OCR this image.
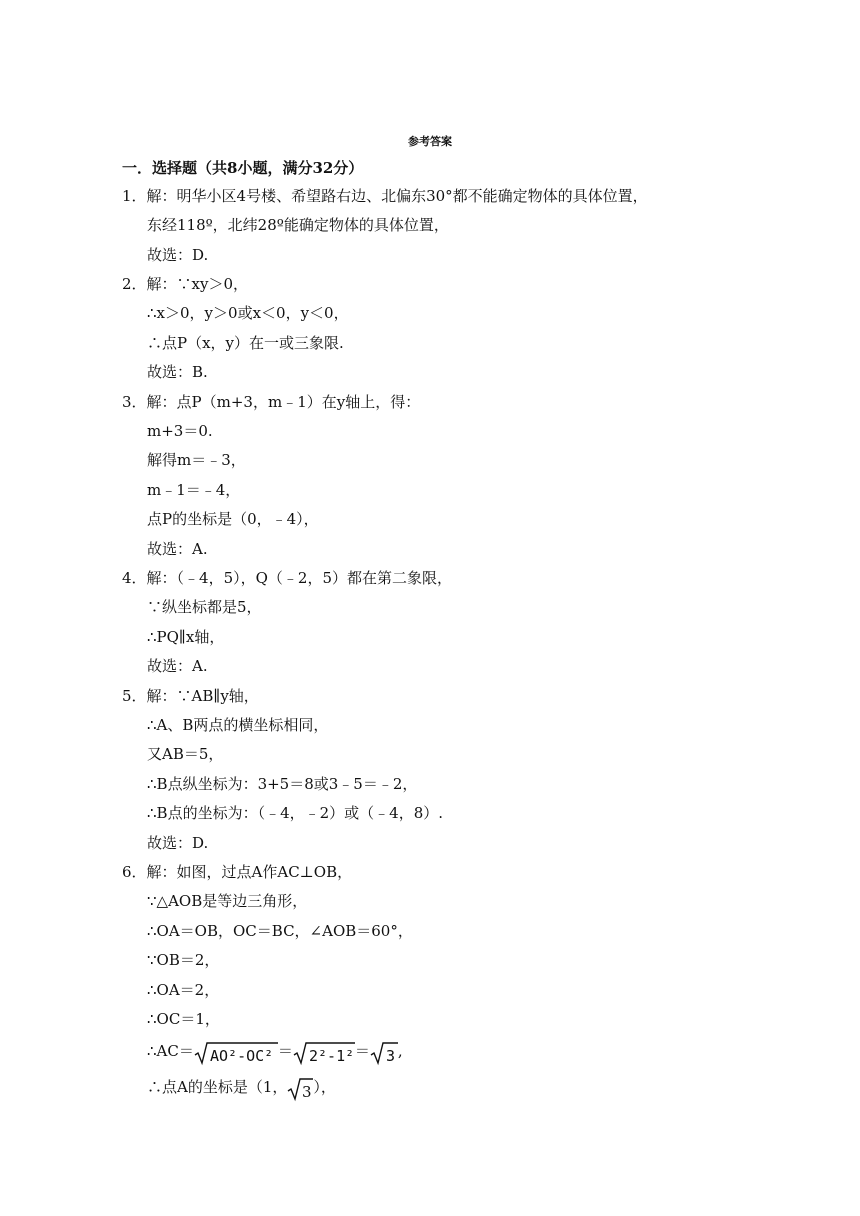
参考答案
一．选择题（共8小题，满分32分）
1．解：明华小区4号楼、希望路右边、北偏东30°都不能确定物体的具体位置，
东经118º，北纬28º能确定物体的具体位置，
故选：D.
2．解：∵xy＞0，
∴x＞0，y＞0或x＜0，y＜0，
∴点P（x，y）在一或三象限.
故选：B.
3．解：点P（m+3，m﹣1）在y轴上，得：
m+3＝0.
解得m＝﹣3，
m﹣1＝﹣4，
点P的坐标是（0，﹣4），
故选：A.
4．解：（﹣4，5），Q（﹣2，5）都在第二象限，
∵纵坐标都是5，
∴PQ∥x轴，
故选：A.
5．解：∵AB∥y轴，
∴A、B两点的横坐标相同，
又AB＝5，
∴B点纵坐标为：3+5＝8或3﹣5＝﹣2，
∴B点的坐标为：（﹣4，﹣2）或（﹣4，8）.
故选：D.
6．解：如图，过点A作AC⊥OB，
∵△AOB是等边三角形，
∴OA＝OB，OC＝BC，∠AOB＝60°，
∵OB＝2，
∴OA＝2，
∴OC＝1，
∴AC＝ AO²-OC² ＝ 2²-1² ＝ 3 ,
∴点A的坐标是（1， 3 ），
